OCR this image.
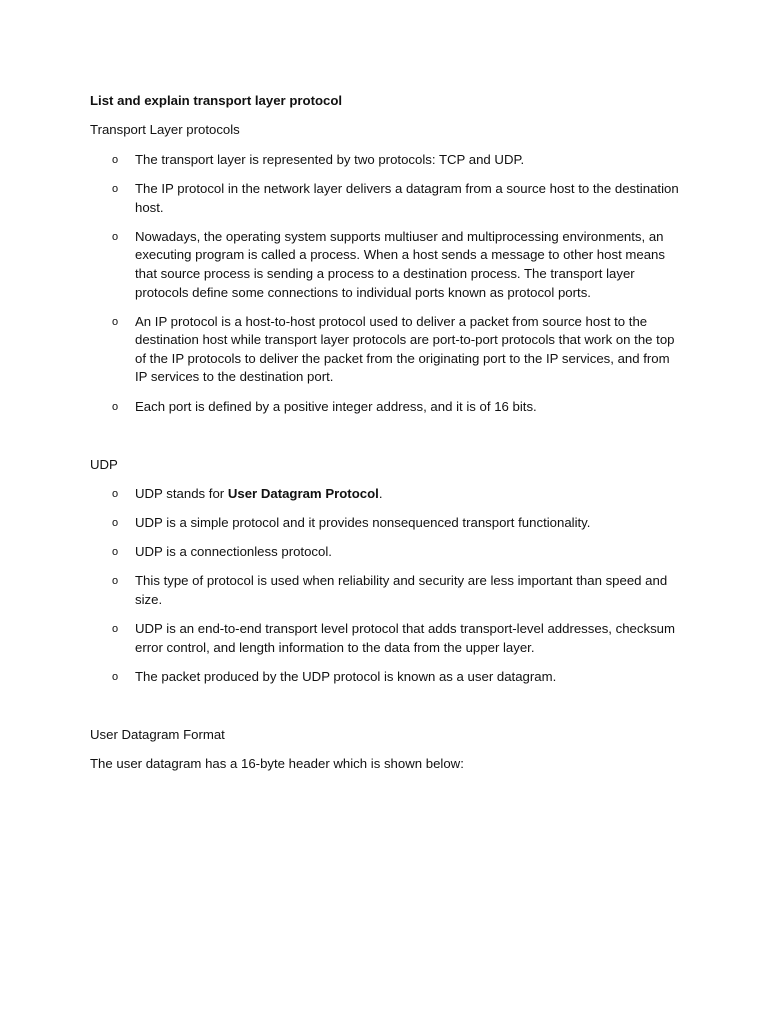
List and explain transport layer protocol
Transport Layer protocols
o The transport layer is represented by two protocols: TCP and UDP.
o The IP protocol in the network layer delivers a datagram from a source host to the destination host.
o Nowadays, the operating system supports multiuser and multiprocessing environments, an executing program is called a process. When a host sends a message to other host means that source process is sending a process to a destination process. The transport layer protocols define some connections to individual ports known as protocol ports.
o An IP protocol is a host-to-host protocol used to deliver a packet from source host to the destination host while transport layer protocols are port-to-port protocols that work on the top of the IP protocols to deliver the packet from the originating port to the IP services, and from IP services to the destination port.
o Each port is defined by a positive integer address, and it is of 16 bits.
UDP
o UDP stands for User Datagram Protocol.
o UDP is a simple protocol and it provides nonsequenced transport functionality.
o UDP is a connectionless protocol.
o This type of protocol is used when reliability and security are less important than speed and size.
o UDP is an end-to-end transport level protocol that adds transport-level addresses, checksum error control, and length information to the data from the upper layer.
o The packet produced by the UDP protocol is known as a user datagram.
User Datagram Format
The user datagram has a 16-byte header which is shown below:
